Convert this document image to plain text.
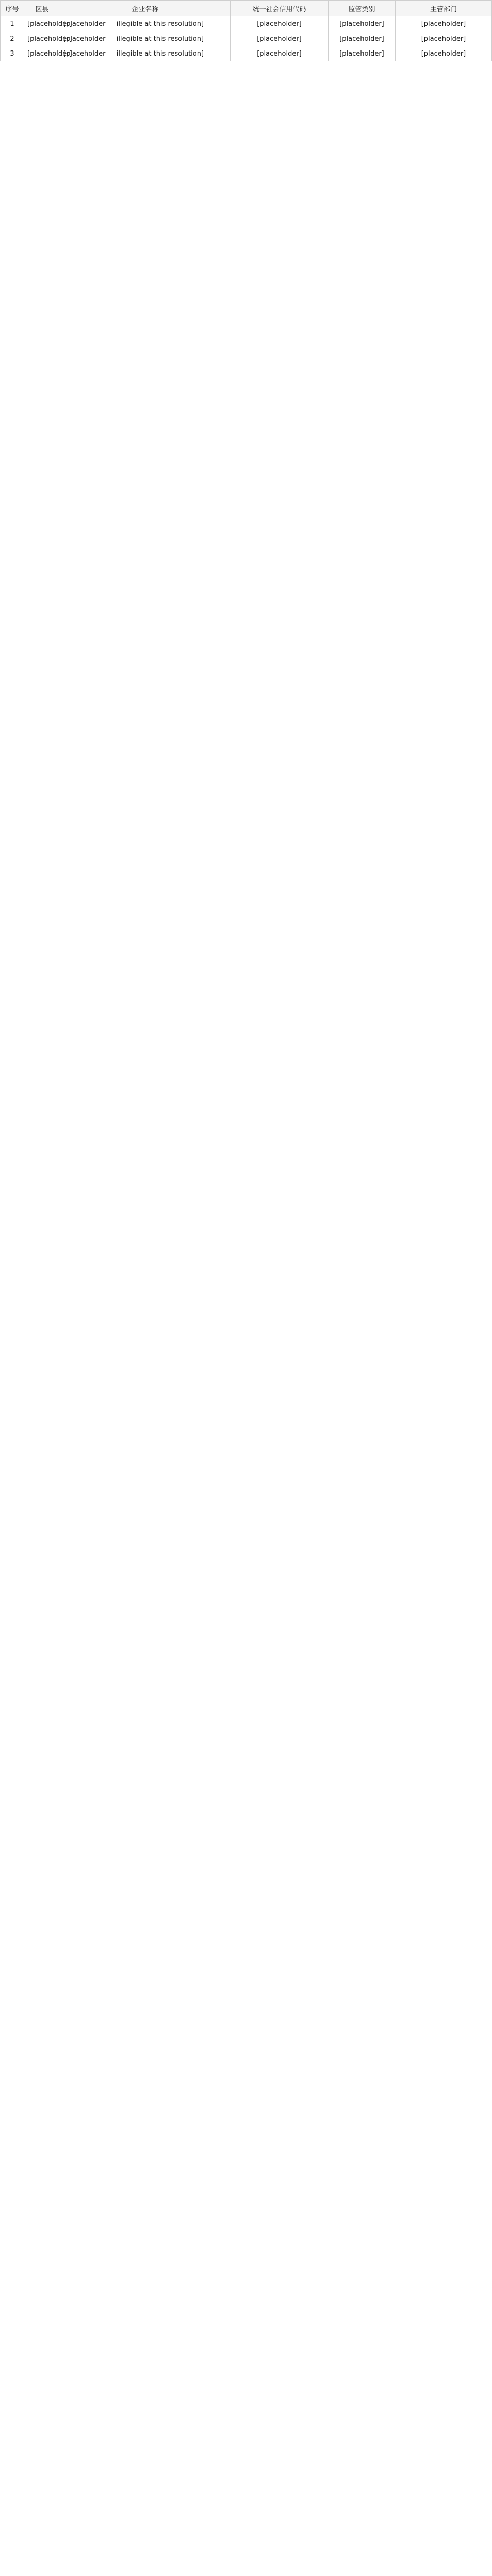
序号	区县	企业名称	统一社会信用代码	监管类别	主管部门
1	[placeholder]	[placeholder — illegible at this resolution]	[placeholder]	[placeholder]	[placeholder]
2	[placeholder]	[placeholder — illegible at this resolution]	[placeholder]	[placeholder]	[placeholder]
3	[placeholder]	[placeholder — illegible at this resolution]	[placeholder]	[placeholder]	[placeholder]
